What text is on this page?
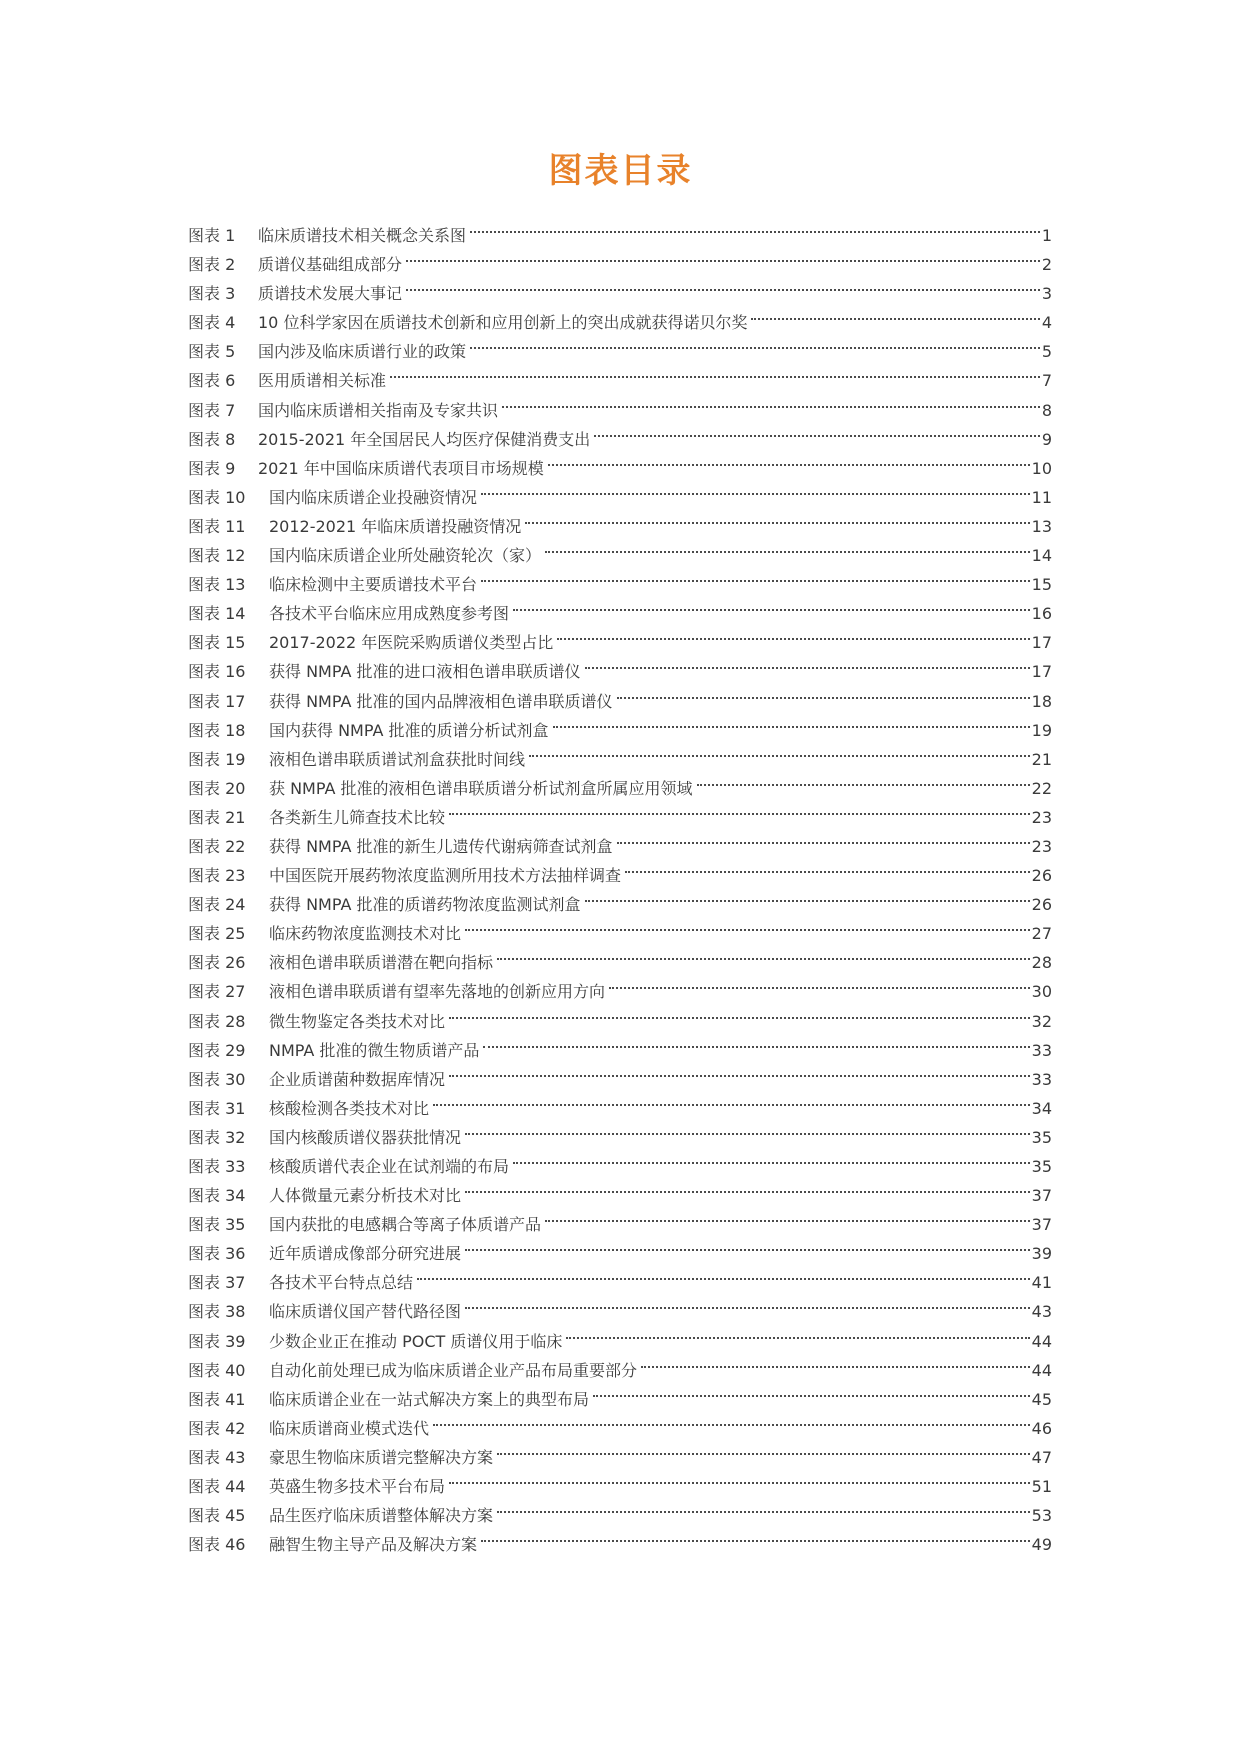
图表目录
图表 1	临床质谱技术相关概念关系图	1
图表 2	质谱仪基础组成部分	2
图表 3	质谱技术发展大事记	3
图表 4	10 位科学家因在质谱技术创新和应用创新上的突出成就获得诺贝尔奖	4
图表 5	国内涉及临床质谱行业的政策	5
图表 6	医用质谱相关标准	7
图表 7	国内临床质谱相关指南及专家共识	8
图表 8	2015-2021 年全国居民人均医疗保健消费支出	9
图表 9	2021 年中国临床质谱代表项目市场规模	10
图表 10	国内临床质谱企业投融资情况	11
图表 11	2012-2021 年临床质谱投融资情况	13
图表 12	国内临床质谱企业所处融资轮次（家）	14
图表 13	临床检测中主要质谱技术平台	15
图表 14	各技术平台临床应用成熟度参考图	16
图表 15	2017-2022 年医院采购质谱仪类型占比	17
图表 16	获得 NMPA 批准的进口液相色谱串联质谱仪	17
图表 17	获得 NMPA 批准的国内品牌液相色谱串联质谱仪	18
图表 18	国内获得 NMPA 批准的质谱分析试剂盒	19
图表 19	液相色谱串联质谱试剂盒获批时间线	21
图表 20	获 NMPA 批准的液相色谱串联质谱分析试剂盒所属应用领域	22
图表 21	各类新生儿筛查技术比较	23
图表 22	获得 NMPA 批准的新生儿遗传代谢病筛查试剂盒	23
图表 23	中国医院开展药物浓度监测所用技术方法抽样调查	26
图表 24	获得 NMPA 批准的质谱药物浓度监测试剂盒	26
图表 25	临床药物浓度监测技术对比	27
图表 26	液相色谱串联质谱潜在靶向指标	28
图表 27	液相色谱串联质谱有望率先落地的创新应用方向	30
图表 28	微生物鉴定各类技术对比	32
图表 29	NMPA 批准的微生物质谱产品	33
图表 30	企业质谱菌种数据库情况	33
图表 31	核酸检测各类技术对比	34
图表 32	国内核酸质谱仪器获批情况	35
图表 33	核酸质谱代表企业在试剂端的布局	35
图表 34	人体微量元素分析技术对比	37
图表 35	国内获批的电感耦合等离子体质谱产品	37
图表 36	近年质谱成像部分研究进展	39
图表 37	各技术平台特点总结	41
图表 38	临床质谱仪国产替代路径图	43
图表 39	少数企业正在推动 POCT 质谱仪用于临床	44
图表 40	自动化前处理已成为临床质谱企业产品布局重要部分	44
图表 41	临床质谱企业在一站式解决方案上的典型布局	45
图表 42	临床质谱商业模式迭代	46
图表 43	豪思生物临床质谱完整解决方案	47
图表 44	英盛生物多技术平台布局	51
图表 45	品生医疗临床质谱整体解决方案	53
图表 46	融智生物主导产品及解决方案	49
